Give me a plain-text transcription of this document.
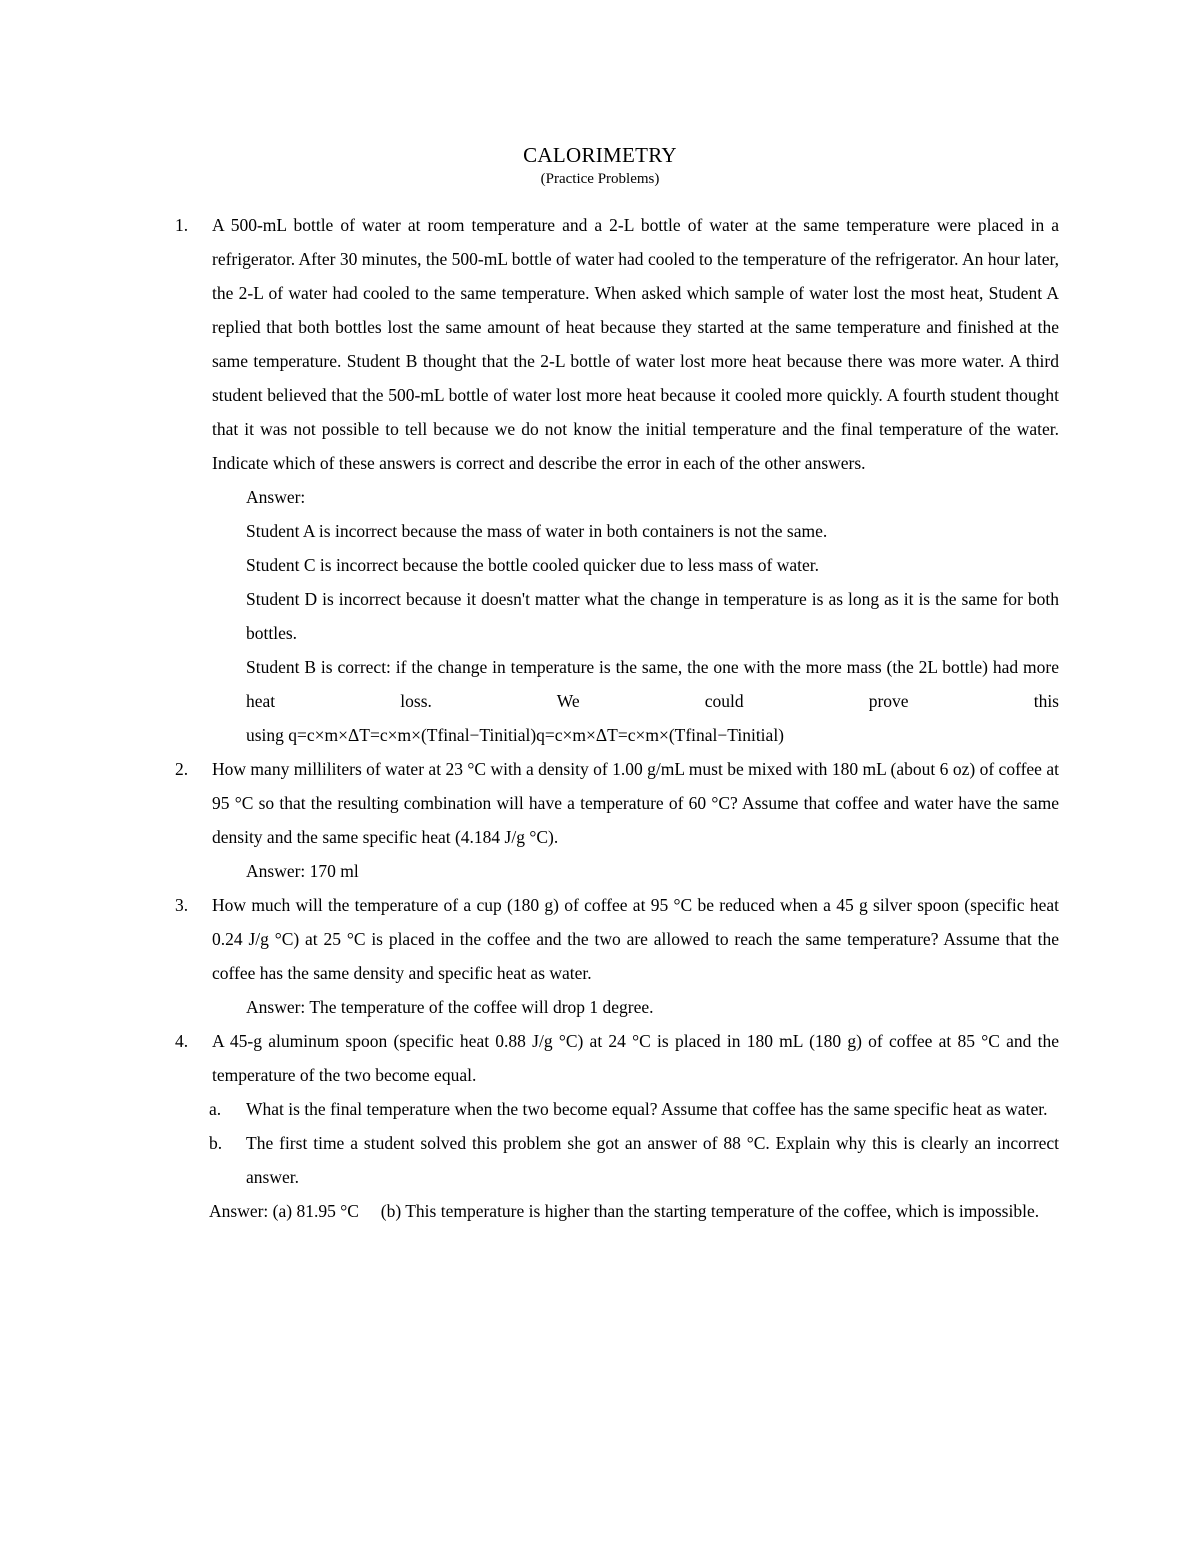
CALORIMETRY
(Practice Problems)
1. A 500-mL bottle of water at room temperature and a 2-L bottle of water at the same temperature were placed in a refrigerator. After 30 minutes, the 500-mL bottle of water had cooled to the temperature of the refrigerator. An hour later, the 2-L of water had cooled to the same temperature. When asked which sample of water lost the most heat, Student A replied that both bottles lost the same amount of heat because they started at the same temperature and finished at the same temperature. Student B thought that the 2-L bottle of water lost more heat because there was more water. A third student believed that the 500-mL bottle of water lost more heat because it cooled more quickly. A fourth student thought that it was not possible to tell because we do not know the initial temperature and the final temperature of the water. Indicate which of these answers is correct and describe the error in each of the other answers.
Answer:
Student A is incorrect because the mass of water in both containers is not the same.
Student C is incorrect because the bottle cooled quicker due to less mass of water.
Student D is incorrect because it doesn't matter what the change in temperature is as long as it is the same for both bottles.
Student B is correct: if the change in temperature is the same, the one with the more mass (the 2L bottle) had more heat loss. We could prove this
using q=c×m×ΔT=c×m×(Tfinal−Tinitial)q=c×m×ΔT=c×m×(Tfinal−Tinitial)
2. How many milliliters of water at 23 °C with a density of 1.00 g/mL must be mixed with 180 mL (about 6 oz) of coffee at 95 °C so that the resulting combination will have a temperature of 60 °C? Assume that coffee and water have the same density and the same specific heat (4.184 J/g °C).
Answer: 170 ml
3. How much will the temperature of a cup (180 g) of coffee at 95 °C be reduced when a 45 g silver spoon (specific heat 0.24 J/g °C) at 25 °C is placed in the coffee and the two are allowed to reach the same temperature? Assume that the coffee has the same density and specific heat as water.
Answer: The temperature of the coffee will drop 1 degree.
4. A 45-g aluminum spoon (specific heat 0.88 J/g °C) at 24 °C is placed in 180 mL (180 g) of coffee at 85 °C and the temperature of the two become equal.
a. What is the final temperature when the two become equal? Assume that coffee has the same specific heat as water.
b. The first time a student solved this problem she got an answer of 88 °C. Explain why this is clearly an incorrect answer.
Answer: (a) 81.95 °C     (b) This temperature is higher than the starting temperature of the coffee, which is impossible.
